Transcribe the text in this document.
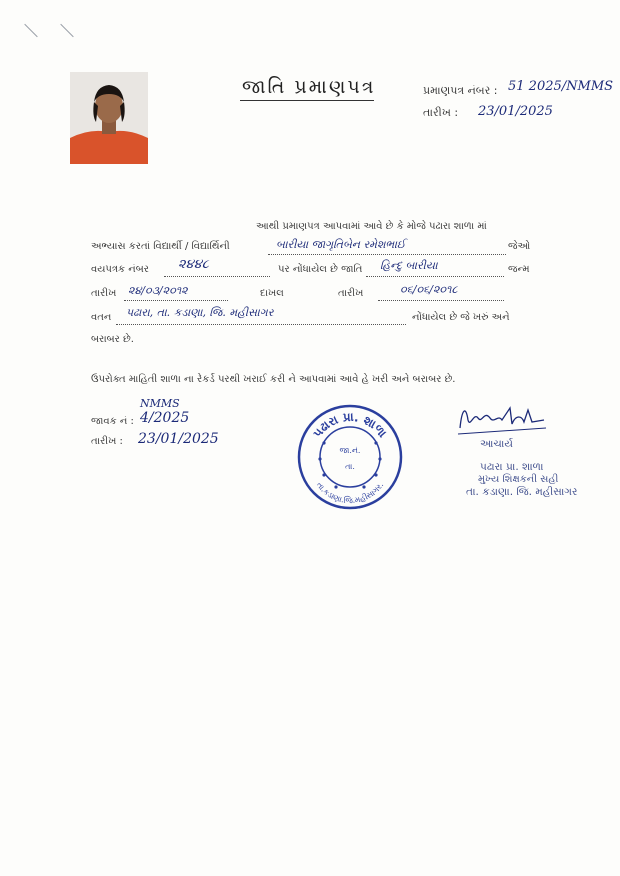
જાતિ પ્રમાણપત્ર	પ્રમાણપત્ર નંબર : 51 2025/NMMS
તારીખ : 23/01/2025
આથી પ્રમાણપત્ર આપવામાં આવે છે કે મોજે પઢારા શાળા માં
અભ્યાસ કરતાં વિદ્યાર્થી / વિદ્યાર્થિની	બારીયા જાગૃતિબેન રમેશભાઈ	જેઓ
વયપત્રક નંબર ૨૪૪૮	પર નોંધાયેલ છે જાતિ હિન્દુ બારીયા	જન્મ
તારીખ ૨૪/૦૩/૨૦૧૨	દાખલ	તારીખ	૦૬/૦૬/૨૦૧૮
વતન પઢારા, તા. કડાણા, જિ. મહીસાગર	નોંધાયેલ છે જે ખરું અને
બરાબર છે.
ઉપરોક્ત માહિતી શાળા ના રેકર્ડ પરથી ખરાઈ કરી ને આપવામાં આવે હે ખરી અને બરાબર છે.
NMMS
જાવક નં : 4/2025
તારીખ : 23/01/2025	પઢારા પ્રા. શાળા
તા.કડાણા.જિ.મહીસાગર.
જા.નં.
તા.
આચાર્ય
પઢારા પ્રા. શાળા
મુખ્ય શિક્ષકની સહી
તા. કડાણા. જિ. મહીસાગર
